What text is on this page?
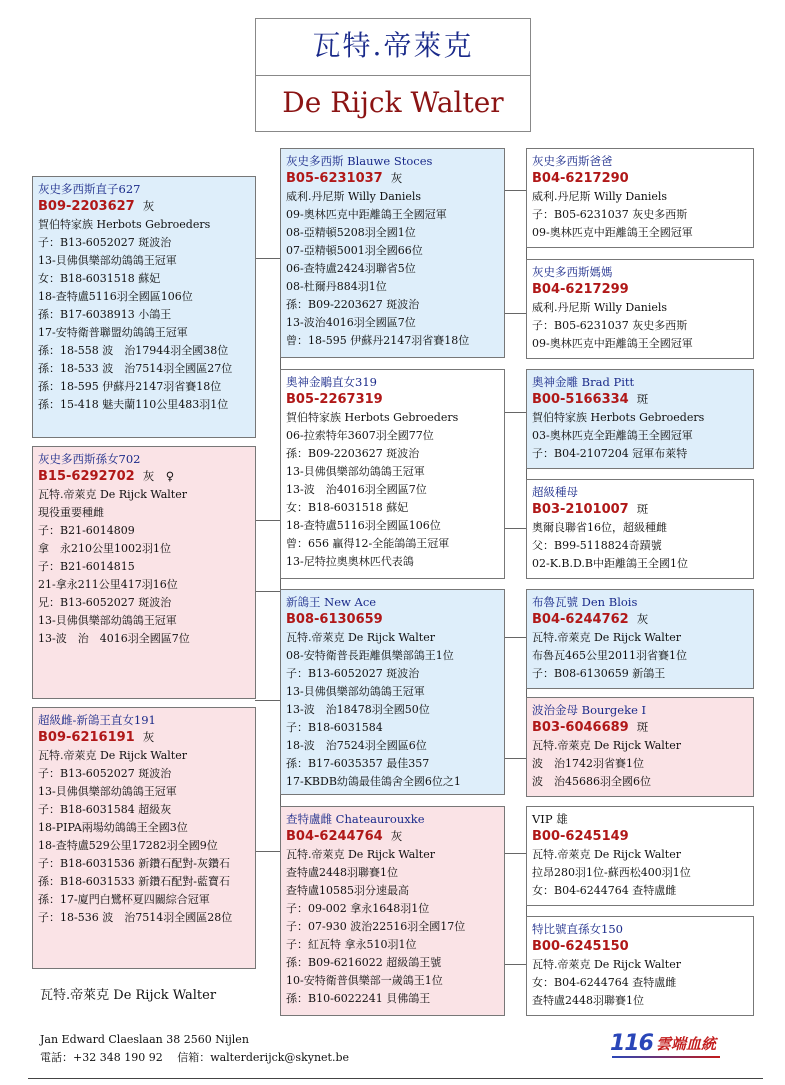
瓦特.帝萊克
De Rijck Walter
灰史多西斯直子627
B09-2203627 灰
賀伯特家族 Herbots Gebroeders
子：B13-6052027 斑波治
13-貝佛俱樂部幼鴿鴿王冠軍
女：B18-6031518 蘇妃
18-查特盧5116羽全國區106位
孫：B17-6038913 小鴿王
17-安特衛普聯盟幼鴿鴿王冠軍
孫：18-558 波　治17944羽全國38位
孫：18-533 波　治7514羽全國區27位
孫：18-595 伊蘇丹2147羽省賽18位
孫：15-418 魅夫蘭110公里483羽1位
灰史多西斯孫女702
B15-6292702 灰　♀
瓦特.帝萊克 De Rijck Walter
現役重要種雌
子：B21-6014809
拿　永210公里1002羽1位
子：B21-6014815
21-拿永211公里417羽16位
兄：B13-6052027 斑波治
13-貝佛俱樂部幼鴿鴿王冠軍
13-波　治　4016羽全國區7位
超級雌-新鴿王直女191
B09-6216191 灰
瓦特.帝萊克 De Rijck Walter
子：B13-6052027 斑波治
13-貝佛俱樂部幼鴿鴿王冠軍
子：B18-6031584 超級灰
18-PIPA兩場幼鴿鴿王全國3位
18-查特盧529公里17282羽全國9位
子：B18-6031536 新鑽石配對-灰鑽石
孫：B18-6031533 新鑽石配對-藍寶石
孫：17-廈門白鷺杯夏四關綜合冠軍
子：18-536 波　治7514羽全國區28位
灰史多西斯 Blauwe Stoces
B05-6231037 灰
威利.丹尼斯 Willy Daniels
09-奧林匹克中距離鴿王全國冠軍
08-亞精頓5208羽全國1位
07-亞精頓5001羽全國66位
06-查特盧2424羽聯省5位
08-杜爾丹884羽1位
孫：B09-2203627 斑波治
13-波治4016羽全國區7位
曾：18-595 伊蘇丹2147羽省賽18位
奧神金鵰直女319
B05-2267319
賀伯特家族 Herbots Gebroeders
06-拉索特年3607羽全國77位
孫：B09-2203627 斑波治
13-貝佛俱樂部幼鴿鴿王冠軍
13-波　治4016羽全國區7位
女：B18-6031518 蘇妃
18-查特盧5116羽全國區106位
曾：656 贏得12-全能鴿鴿王冠軍
13-尼特拉奧奧林匹代表鴿
新鴿王 New Ace
B08-6130659
瓦特.帝萊克 De Rijck Walter
08-安特衛普長距離俱樂部鴿王1位
子：B13-6052027 斑波治
13-貝佛俱樂部幼鴿鴿王冠軍
13-波　治18478羽全國50位
子：B18-6031584
18-波　治7524羽全國區6位
孫：B17-6035357 最佳357
17-KBDB幼鴿最佳鴿舍全國6位之1
查特盧雌 Chateaurouxke
B04-6244764 灰
瓦特.帝萊克 De Rijck Walter
查特盧2448羽聯賽1位
查特盧10585羽分速最高
子：09-002 拿永1648羽1位
子：07-930 波治22516羽全國17位
子：紅瓦特 拿永510羽1位
孫：B09-6216022 超級鴿王號
10-安特衛普俱樂部一歲鴿王1位
孫：B10-6022241 貝佛鴿王
灰史多西斯爸爸
B04-6217290
威利.丹尼斯 Willy Daniels
子：B05-6231037 灰史多西斯
09-奧林匹克中距離鴿王全國冠軍
灰史多西斯媽媽
B04-6217299
威利.丹尼斯 Willy Daniels
子：B05-6231037 灰史多西斯
09-奧林匹克中距離鴿王全國冠軍
奧神金雕 Brad Pitt
B00-5166334 斑
賀伯特家族 Herbots Gebroeders
03-奧林匹克全距離鴿王全國冠軍
子：B04-2107204 冠軍布萊特
超級種母
B03-2101007 斑
奧爾良聯省16位，超級種雌
父：B99-5118824奇蹟號
02-K.B.D.B中距離鴿王全國1位
布魯瓦號 Den Blois
B04-6244762 灰
瓦特.帝萊克 De Rijck Walter
布魯瓦465公里2011羽省賽1位
子：B08-6130659 新鴿王
波治金母 Bourgeke I
B03-6046689 斑
瓦特.帝萊克 De Rijck Walter
波　治1742羽省賽1位
波　治45686羽全國6位
VIP 雄
B00-6245149
瓦特.帝萊克 De Rijck Walter
拉昂280羽1位-蘇西松400羽1位
女：B04-6244764 查特盧雌
特比號直孫女150
B00-6245150
瓦特.帝萊克 De Rijck Walter
女：B04-6244764 查特盧雌
查特盧2448羽聯賽1位
瓦特.帝萊克 De Rijck Walter
Jan Edward Claeslaan 38 2560 Nijlen
電話：+32 348 190 92　 信箱：walterderijck@skynet.be
116 雲端血統
